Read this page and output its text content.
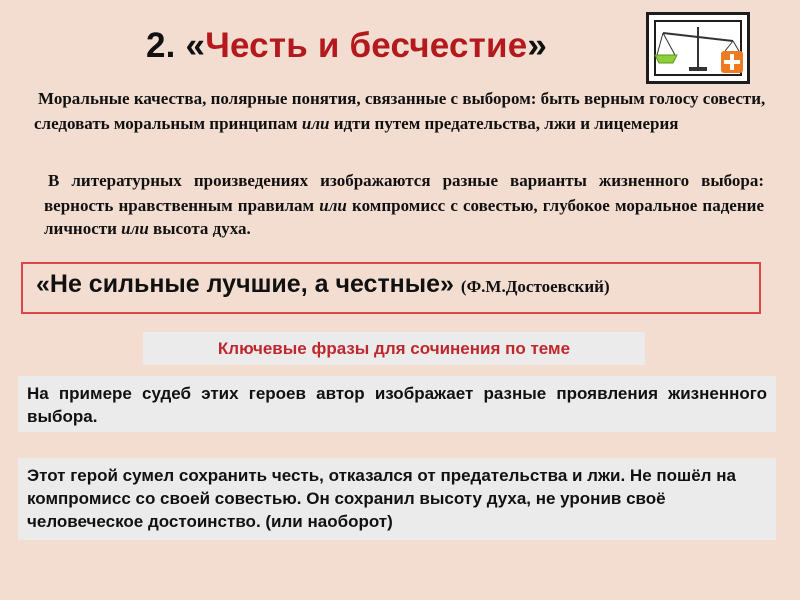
2. «Честь и бесчестие»
Моральные качества, полярные понятия, связанные с выбором: быть верным голосу совести, следовать моральным принципам или идти путем предательства, лжи и лицемерия
В литературных произведениях изображаются разные варианты жизненного выбора: верность нравственным правилам или компромисс с совестью, глубокое моральное падение личности или высота духа.
«Не сильные лучшие, а честные» (Ф.М.Достоевский)
Ключевые фразы для сочинения по теме
На примере судеб этих героев автор изображает разные проявления жизненного выбора.
Этот герой сумел сохранить честь, отказался от предательства и лжи. Не пошёл на компромисс со своей совестью. Он сохранил высоту духа, не уронив своё человеческое достоинство. (или наоборот)
